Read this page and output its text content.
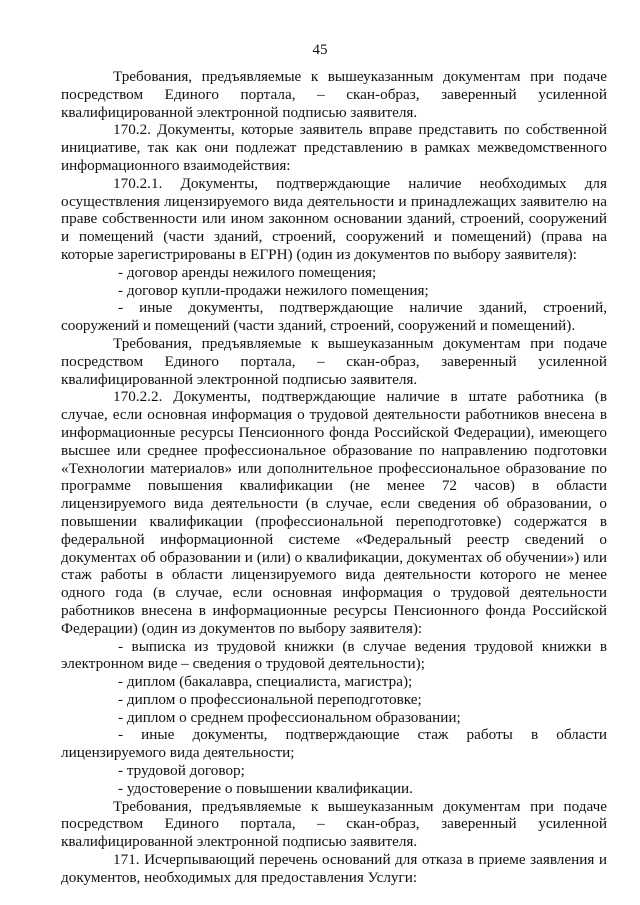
45

Требования, предъявляемые к вышеуказанным документам при подаче посредством Единого портала, – скан-образ, заверенный усиленной квалифицированной электронной подписью заявителя.

170.2. Документы, которые заявитель вправе представить по собственной инициативе, так как они подлежат представлению в рамках межведомственного информационного взаимодействия:

170.2.1. Документы, подтверждающие наличие необходимых для осуществления лицензируемого вида деятельности и принадлежащих заявителю на праве собственности или ином законном основании зданий, строений, сооружений и помещений (части зданий, строений, сооружений и помещений) (права на которые зарегистрированы в ЕГРН) (один из документов по выбору заявителя):

- договор аренды нежилого помещения;

- договор купли-продажи нежилого помещения;

- иные документы, подтверждающие наличие зданий, строений, сооружений и помещений (части зданий, строений, сооружений и помещений).

Требования, предъявляемые к вышеуказанным документам при подаче посредством Единого портала, – скан-образ, заверенный усиленной квалифицированной электронной подписью заявителя.

170.2.2. Документы, подтверждающие наличие в штате работника (в случае, если основная информация о трудовой деятельности работников внесена в информационные ресурсы Пенсионного фонда Российской Федерации), имеющего высшее или среднее профессиональное образование по направлению подготовки «Технологии материалов» или дополнительное профессиональное образование по программе повышения квалификации (не менее 72 часов) в области лицензируемого вида деятельности (в случае, если сведения об образовании, о повышении квалификации (профессиональной переподготовке) содержатся в федеральной информационной системе «Федеральный реестр сведений о документах об образовании и (или) о квалификации, документах об обучении») или стаж работы в области лицензируемого вида деятельности которого не менее одного года (в случае, если основная информация о трудовой деятельности работников внесена в информационные ресурсы Пенсионного фонда Российской Федерации) (один из документов по выбору заявителя):

- выписка из трудовой книжки (в случае ведения трудовой книжки в электронном виде – сведения о трудовой деятельности);

- диплом (бакалавра, специалиста, магистра);

- диплом о профессиональной переподготовке;

- диплом о среднем профессиональном образовании;

- иные документы, подтверждающие стаж работы в области лицензируемого вида деятельности;

- трудовой договор;

- удостоверение о повышении квалификации.

Требования, предъявляемые к вышеуказанным документам при подаче посредством Единого портала, – скан-образ, заверенный усиленной квалифицированной электронной подписью заявителя.

171. Исчерпывающий перечень оснований для отказа в приеме заявления и документов, необходимых для предоставления Услуги:
